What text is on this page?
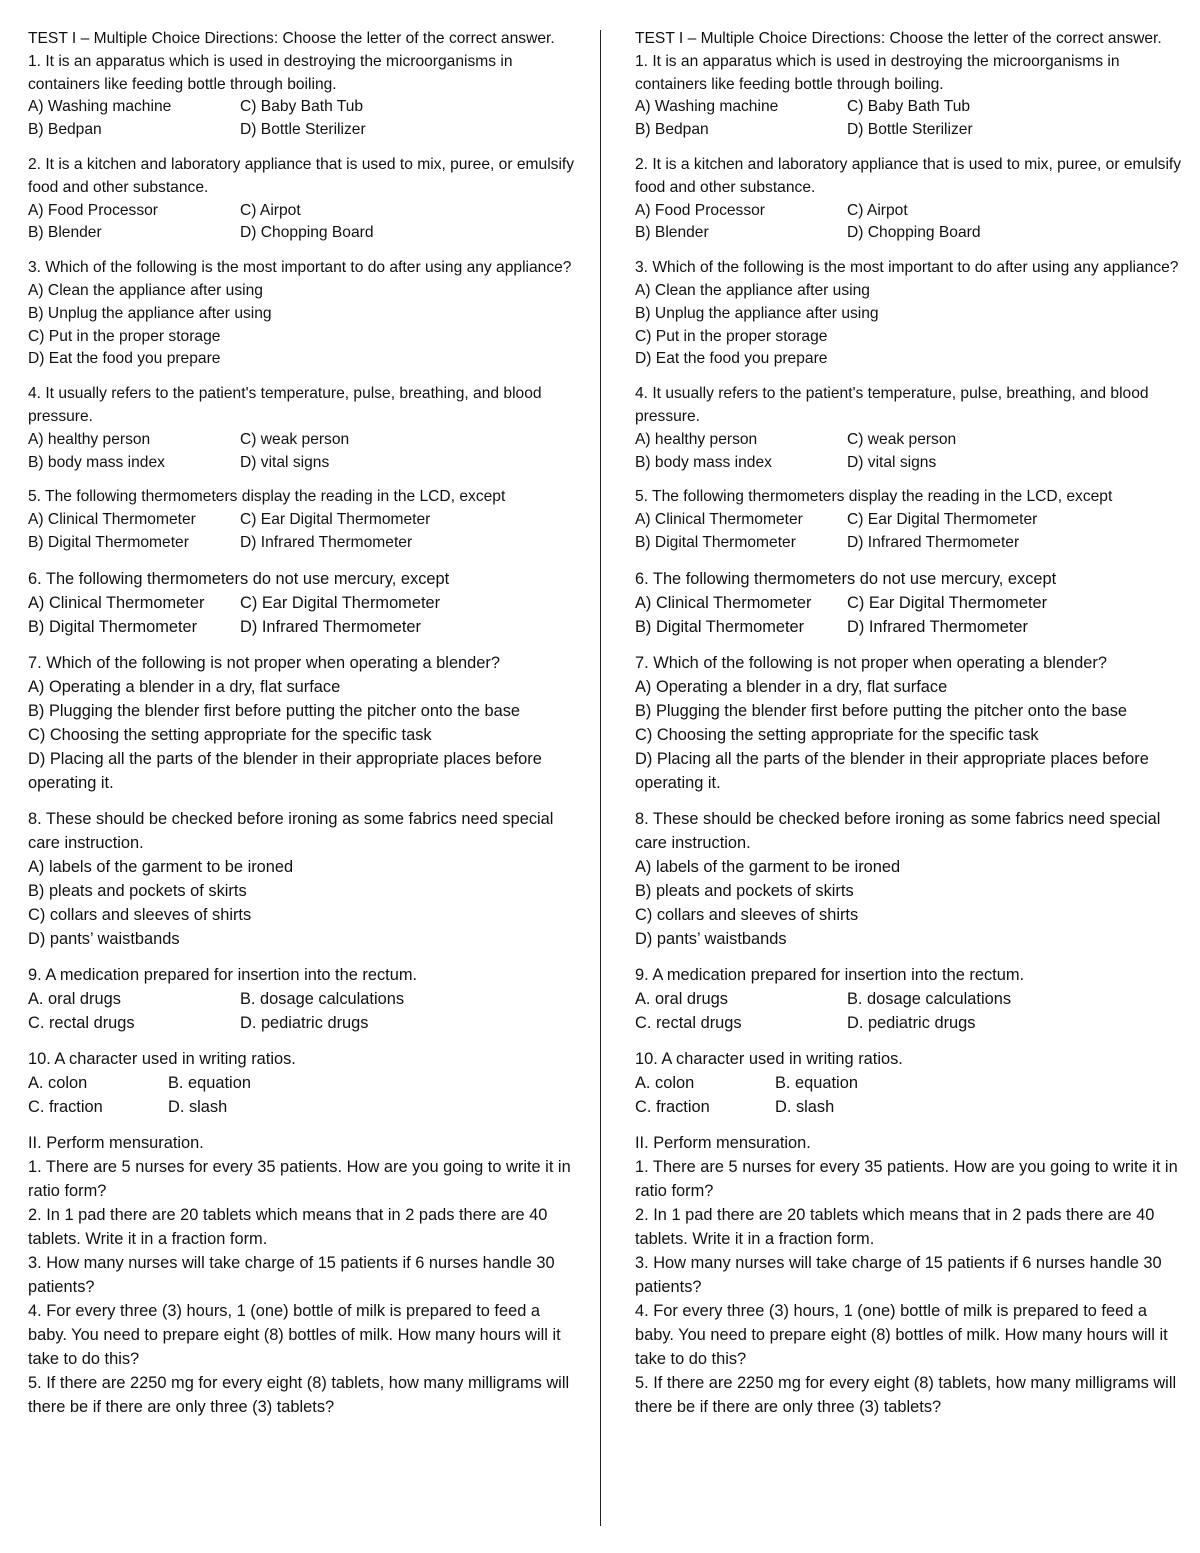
TEST I – Multiple Choice Directions: Choose the letter of the correct answer.
1. It is an apparatus which is used in destroying the microorganisms in containers like feeding bottle through boiling.
A) Washing machine	C) Baby Bath Tub
B) Bedpan	D) Bottle Sterilizer
2. It is a kitchen and laboratory appliance that is used to mix, puree, or emulsify food and other substance.
A) Food Processor	C) Airpot
B) Blender	D) Chopping Board
3. Which of the following is the most important to do after using any appliance?
A) Clean the appliance after using
B) Unplug the appliance after using
C) Put in the proper storage
D) Eat the food you prepare
4. It usually refers to the patient's temperature, pulse, breathing, and blood pressure.
A) healthy person	C) weak person
B) body mass index	D) vital signs
5. The following thermometers display the reading in the LCD, except
A) Clinical Thermometer	C) Ear Digital Thermometer
B) Digital Thermometer	D) Infrared Thermometer
6. The following thermometers do not use mercury, except
A) Clinical Thermometer	C) Ear Digital Thermometer
B) Digital Thermometer	D) Infrared Thermometer
7. Which of the following is not proper when operating a blender?
A) Operating a blender in a dry, flat surface
B) Plugging the blender first before putting the pitcher onto the base
C) Choosing the setting appropriate for the specific task
D) Placing all the parts of the blender in their appropriate places before operating it.
8. These should be checked before ironing as some fabrics need special care instruction.
A) labels of the garment to be ironed
B) pleats and pockets of skirts
C) collars and sleeves of shirts
D) pants’ waistbands
9. A medication prepared for insertion into the rectum.
A. oral drugs	B. dosage calculations
C. rectal drugs	D. pediatric drugs
10. A character used in writing ratios.
A. colon	B. equation
C. fraction	D. slash
II. Perform mensuration.
1. There are 5 nurses for every 35 patients. How are you going to write it in ratio form?
2. In 1 pad there are 20 tablets which means that in 2 pads there are 40 tablets. Write it in a fraction form.
3. How many nurses will take charge of 15 patients if 6 nurses handle 30 patients?
4. For every three (3) hours, 1 (one) bottle of milk is prepared to feed a baby. You need to prepare eight (8) bottles of milk. How many hours will it take to do this?
5. If there are 2250 mg for every eight (8) tablets, how many milligrams will there be if there are only three (3) tablets?
TEST I – Multiple Choice Directions: Choose the letter of the correct answer.
1. It is an apparatus which is used in destroying the microorganisms in containers like feeding bottle through boiling.
A) Washing machine	C) Baby Bath Tub
B) Bedpan	D) Bottle Sterilizer
2. It is a kitchen and laboratory appliance that is used to mix, puree, or emulsify food and other substance.
A) Food Processor	C) Airpot
B) Blender	D) Chopping Board
3. Which of the following is the most important to do after using any appliance?
A) Clean the appliance after using
B) Unplug the appliance after using
C) Put in the proper storage
D) Eat the food you prepare
4. It usually refers to the patient's temperature, pulse, breathing, and blood pressure.
A) healthy person	C) weak person
B) body mass index	D) vital signs
5. The following thermometers display the reading in the LCD, except
A) Clinical Thermometer	C) Ear Digital Thermometer
B) Digital Thermometer	D) Infrared Thermometer
6. The following thermometers do not use mercury, except
A) Clinical Thermometer	C) Ear Digital Thermometer
B) Digital Thermometer	D) Infrared Thermometer
7. Which of the following is not proper when operating a blender?
A) Operating a blender in a dry, flat surface
B) Plugging the blender first before putting the pitcher onto the base
C) Choosing the setting appropriate for the specific task
D) Placing all the parts of the blender in their appropriate places before operating it.
8. These should be checked before ironing as some fabrics need special care instruction.
A) labels of the garment to be ironed
B) pleats and pockets of skirts
C) collars and sleeves of shirts
D) pants’ waistbands
9. A medication prepared for insertion into the rectum.
A. oral drugs	B. dosage calculations
C. rectal drugs	D. pediatric drugs
10. A character used in writing ratios.
A. colon	B. equation
C. fraction	D. slash
II. Perform mensuration.
1. There are 5 nurses for every 35 patients. How are you going to write it in ratio form?
2. In 1 pad there are 20 tablets which means that in 2 pads there are 40 tablets. Write it in a fraction form.
3. How many nurses will take charge of 15 patients if 6 nurses handle 30 patients?
4. For every three (3) hours, 1 (one) bottle of milk is prepared to feed a baby. You need to prepare eight (8) bottles of milk. How many hours will it take to do this?
5. If there are 2250 mg for every eight (8) tablets, how many milligrams will there be if there are only three (3) tablets?
